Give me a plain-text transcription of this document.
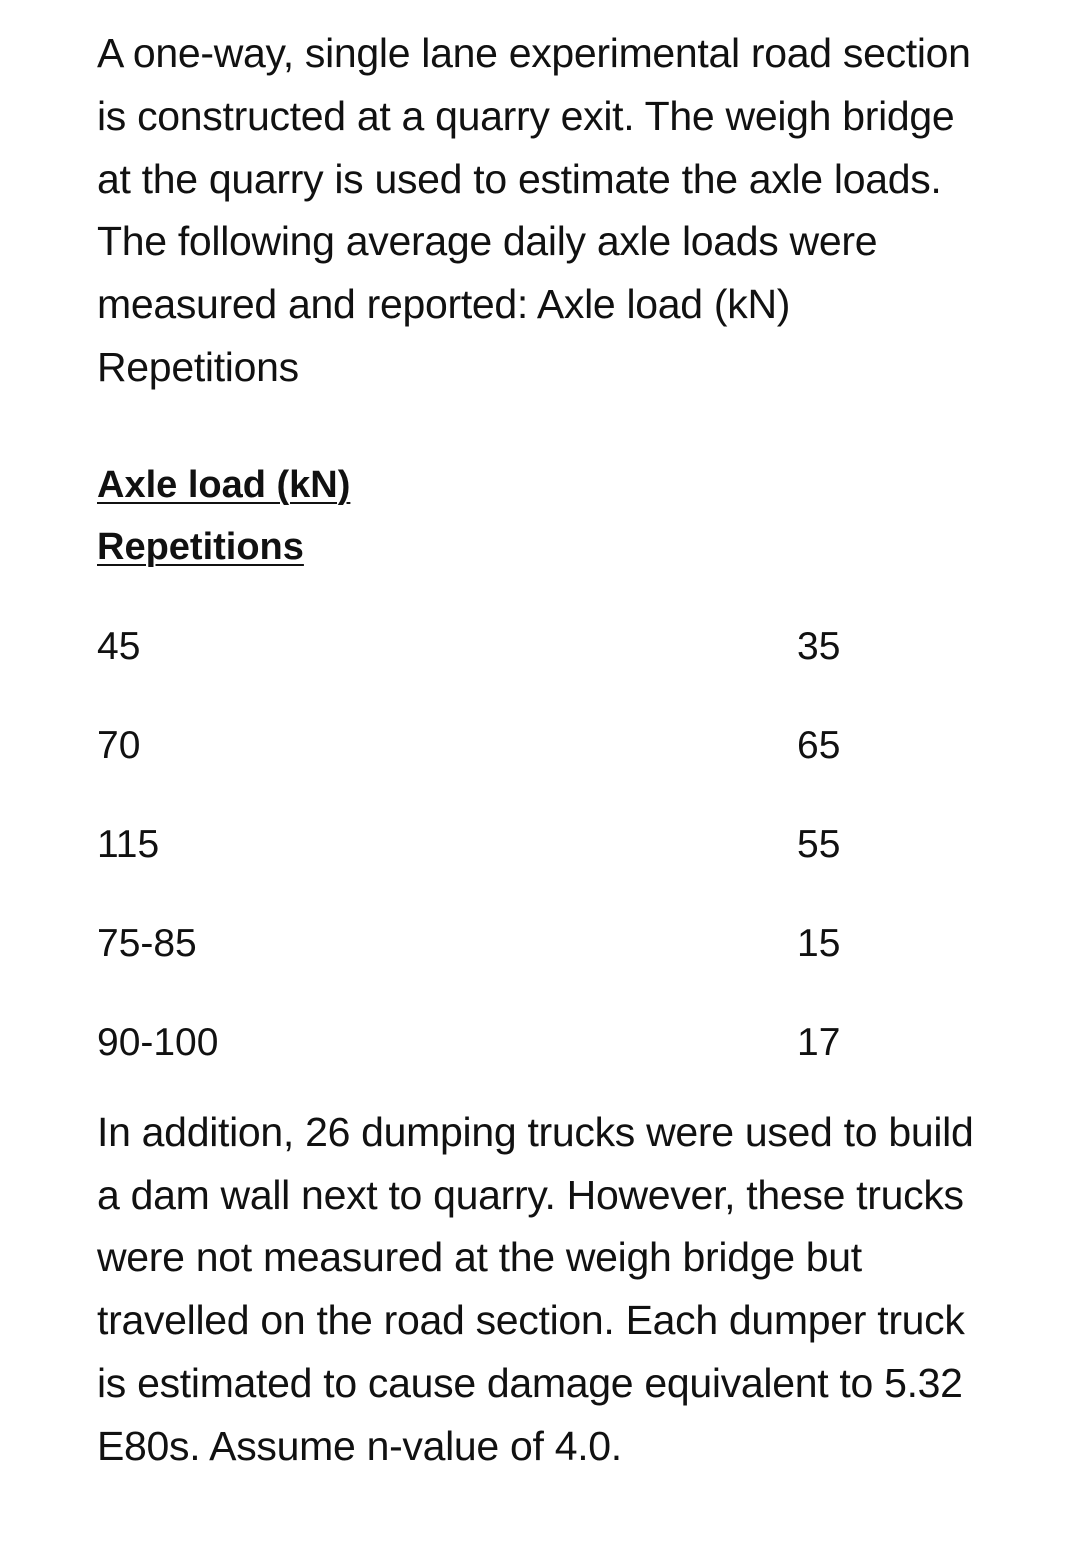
A one-way, single lane experimental road section is constructed at a quarry exit. The weigh bridge at the quarry is used to estimate the axle loads. The following average daily axle loads were measured and reported: Axle load (kN) Repetitions

Axle load (kN)
Repetitions
45	35
70	65
115	55
75-85	15
90-100	17

In addition, 26 dumping trucks were used to build a dam wall next to quarry. However, these trucks were not measured at the weigh bridge but travelled on the road section. Each dumper truck is estimated to cause damage equivalent to 5.32 E80s. Assume n-value of 4.0.
